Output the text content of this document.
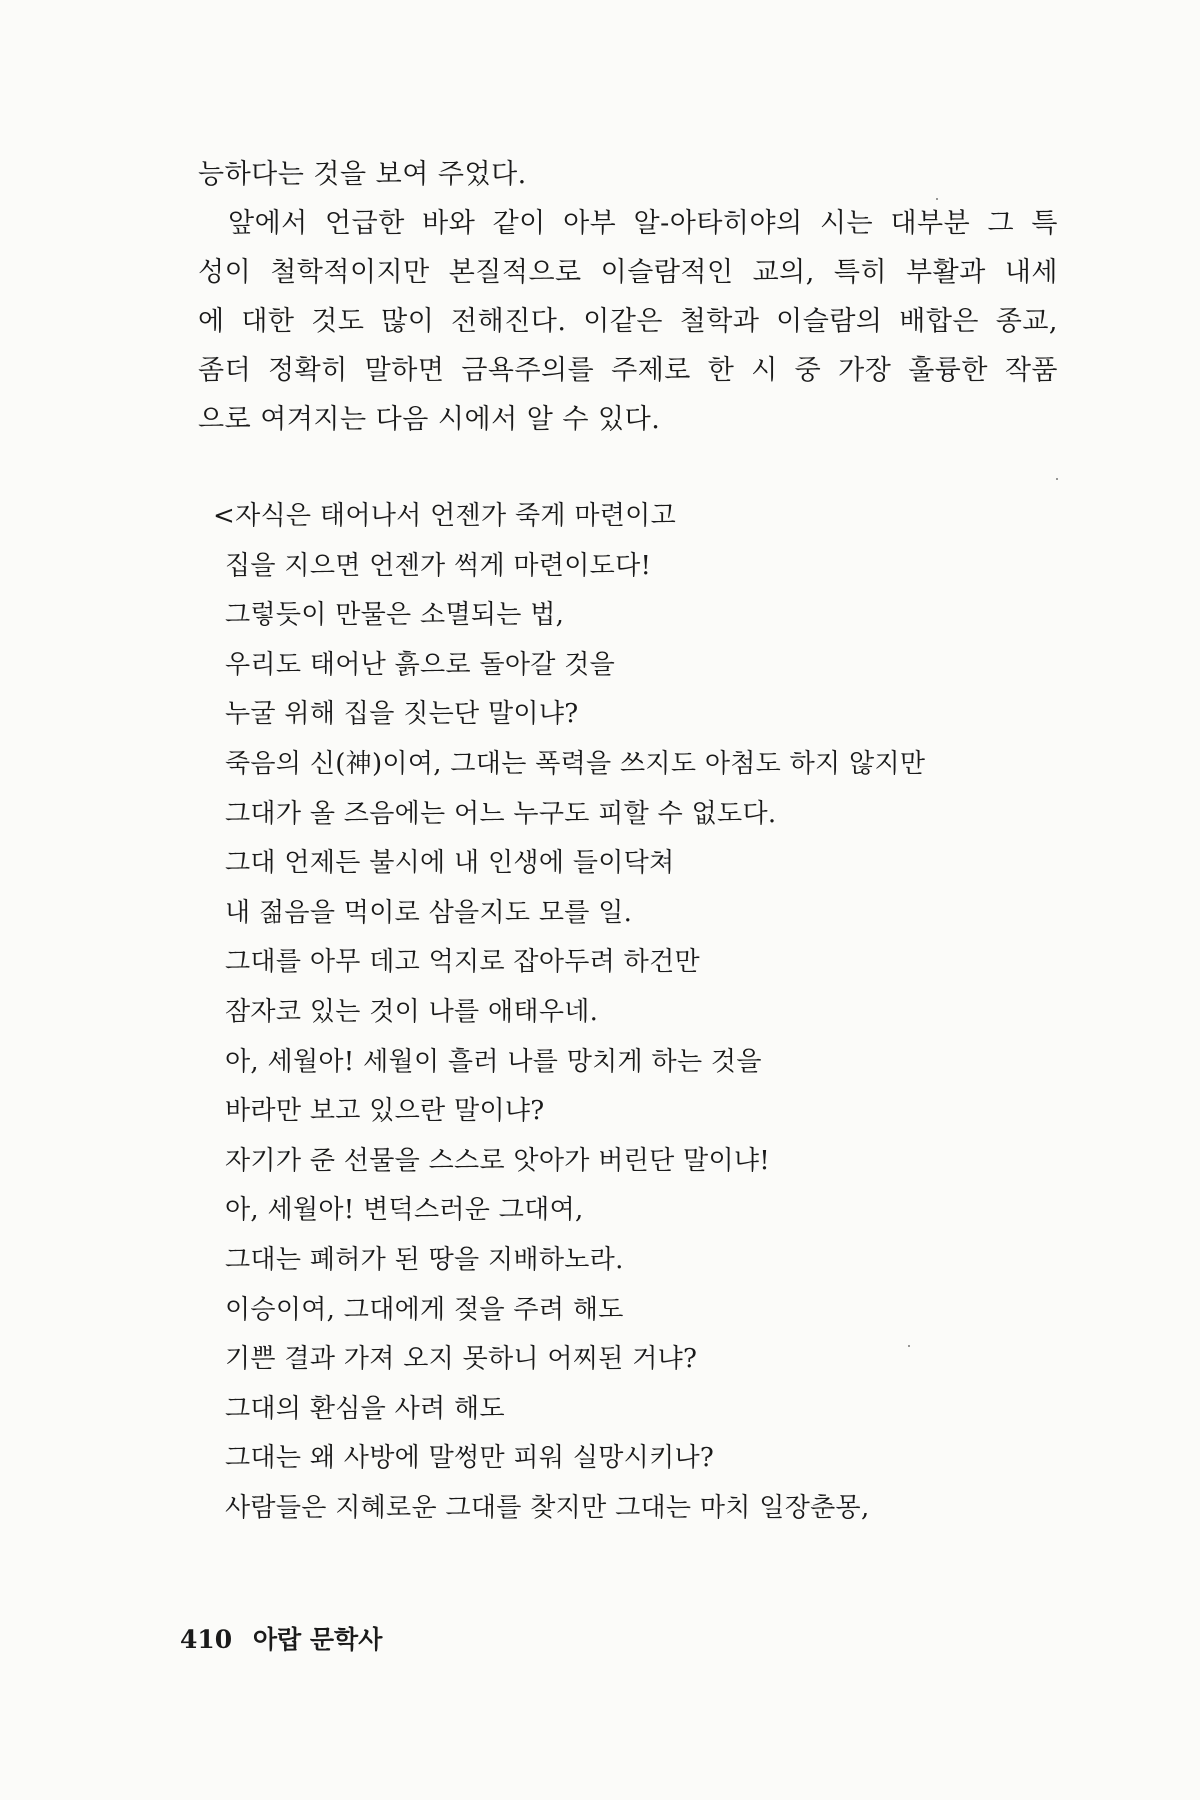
능하다는 것을 보여 주었다.
앞에서 언급한 바와 같이 아부 알-아타히야의 시는 대부분 그 특
성이 철학적이지만 본질적으로 이슬람적인 교의, 특히 부활과 내세
에 대한 것도 많이 전해진다. 이같은 철학과 이슬람의 배합은 종교,
좀더 정확히 말하면 금욕주의를 주제로 한 시 중 가장 훌륭한 작품
으로 여겨지는 다음 시에서 알 수 있다.
<자식은 태어나서 언젠가 죽게 마련이고
집을 지으면 언젠가 썩게 마련이도다!
그렇듯이 만물은 소멸되는 법,
우리도 태어난 흙으로 돌아갈 것을
누굴 위해 집을 짓는단 말이냐?
죽음의 신(神)이여, 그대는 폭력을 쓰지도 아첨도 하지 않지만
그대가 올 즈음에는 어느 누구도 피할 수 없도다.
그대 언제든 불시에 내 인생에 들이닥쳐
내 젊음을 먹이로 삼을지도 모를 일.
그대를 아무 데고 억지로 잡아두려 하건만
잠자코 있는 것이 나를 애태우네.
아, 세월아! 세월이 흘러 나를 망치게 하는 것을
바라만 보고 있으란 말이냐?
자기가 준 선물을 스스로 앗아가 버린단 말이냐!
아, 세월아! 변덕스러운 그대여,
그대는 폐허가 된 땅을 지배하노라.
이승이여, 그대에게 젖을 주려 해도
기쁜 결과 가져 오지 못하니 어찌된 거냐?
그대의 환심을 사려 해도
그대는 왜 사방에 말썽만 피워 실망시키나?
사람들은 지혜로운 그대를 찾지만 그대는 마치 일장춘몽,
410 아랍 문학사
